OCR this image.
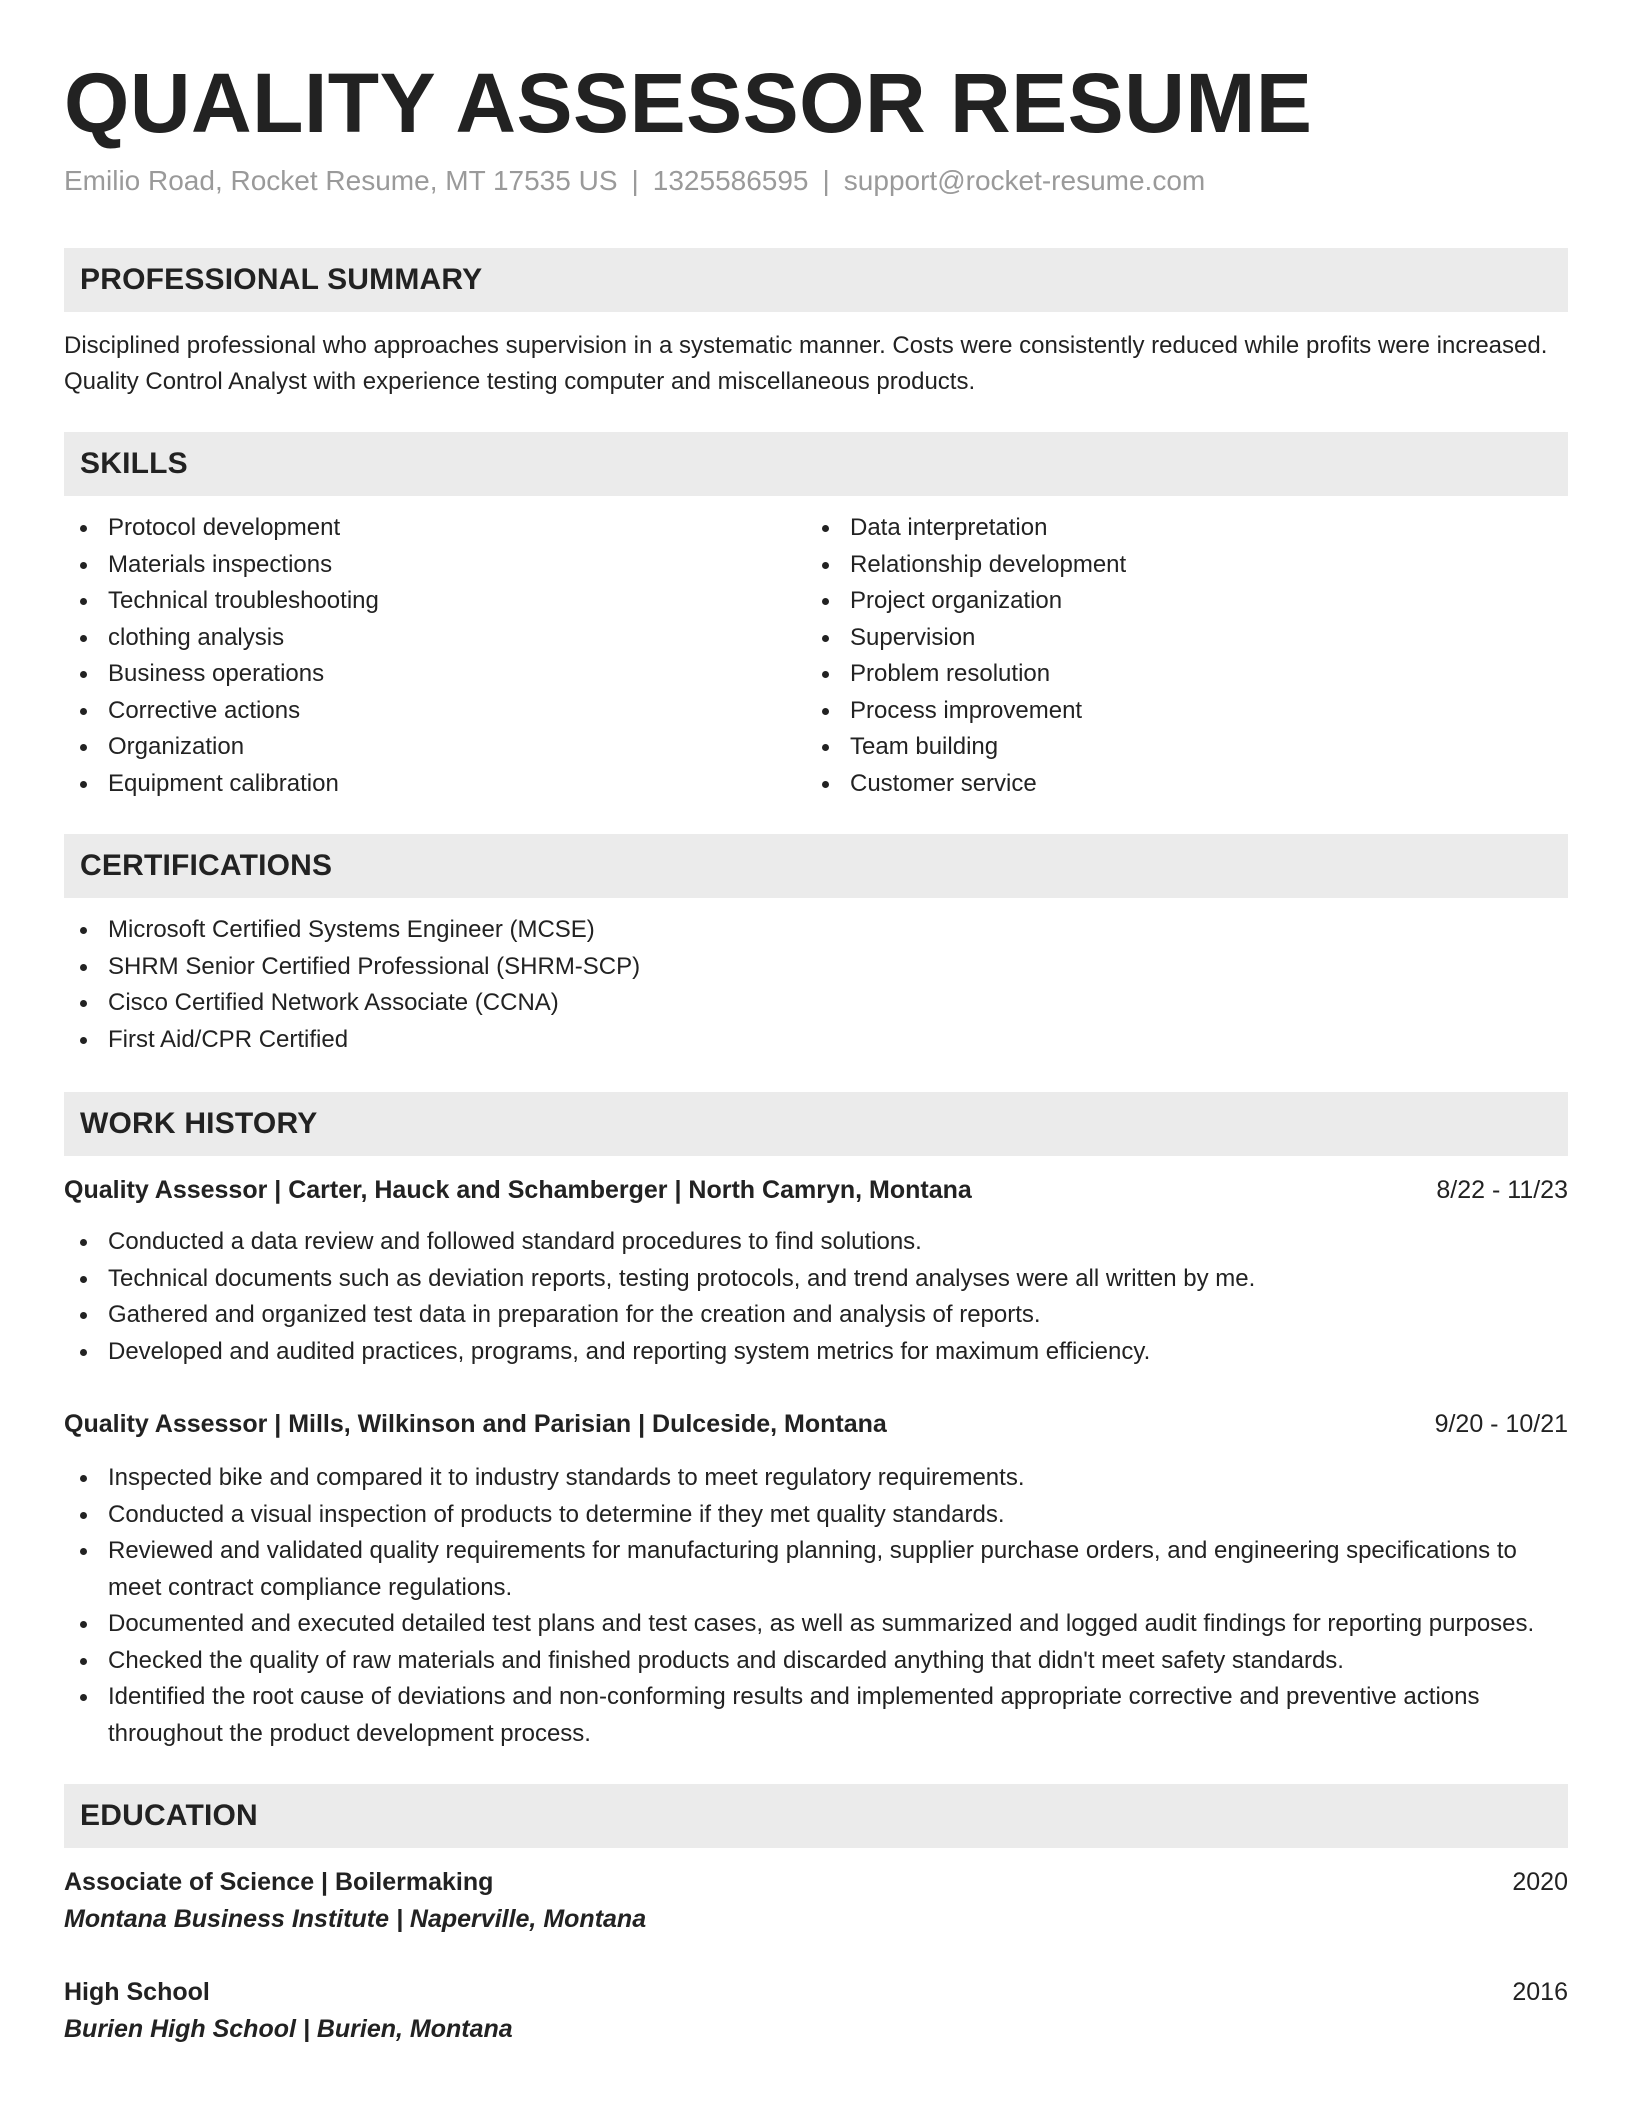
QUALITY ASSESSOR RESUME
Emilio Road, Rocket Resume, MT 17535 US | 1325586595 | support@rocket-resume.com
PROFESSIONAL SUMMARY

Disciplined professional who approaches supervision in a systematic manner. Costs were consistently reduced while profits were increased. Quality Control Analyst with experience testing computer and miscellaneous products.

SKILLS
Protocol development
Materials inspections
Technical troubleshooting
clothing analysis
Business operations
Corrective actions
Organization
Equipment calibration
Data interpretation
Relationship development
Project organization
Supervision
Problem resolution
Process improvement
Team building
Customer service
CERTIFICATIONS
Microsoft Certified Systems Engineer (MCSE)
SHRM Senior Certified Professional (SHRM-SCP)
Cisco Certified Network Associate (CCNA)
First Aid/CPR Certified
WORK HISTORY
Quality Assessor | Carter, Hauck and Schamberger | North Camryn, Montana	8/22 - 11/23
Conducted a data review and followed standard procedures to find solutions.
Technical documents such as deviation reports, testing protocols, and trend analyses were all written by me.
Gathered and organized test data in preparation for the creation and analysis of reports.
Developed and audited practices, programs, and reporting system metrics for maximum efficiency.
Quality Assessor | Mills, Wilkinson and Parisian | Dulceside, Montana	9/20 - 10/21
Inspected bike and compared it to industry standards to meet regulatory requirements.
Conducted a visual inspection of products to determine if they met quality standards.
Reviewed and validated quality requirements for manufacturing planning, supplier purchase orders, and engineering specifications to meet contract compliance regulations.
Documented and executed detailed test plans and test cases, as well as summarized and logged audit findings for reporting purposes.
Checked the quality of raw materials and finished products and discarded anything that didn't meet safety standards.
Identified the root cause of deviations and non-conforming results and implemented appropriate corrective and preventive actions throughout the product development process.
EDUCATION
Associate of Science | Boilermaking	2020
Montana Business Institute | Naperville, Montana
High School	2016
Burien High School | Burien, Montana
